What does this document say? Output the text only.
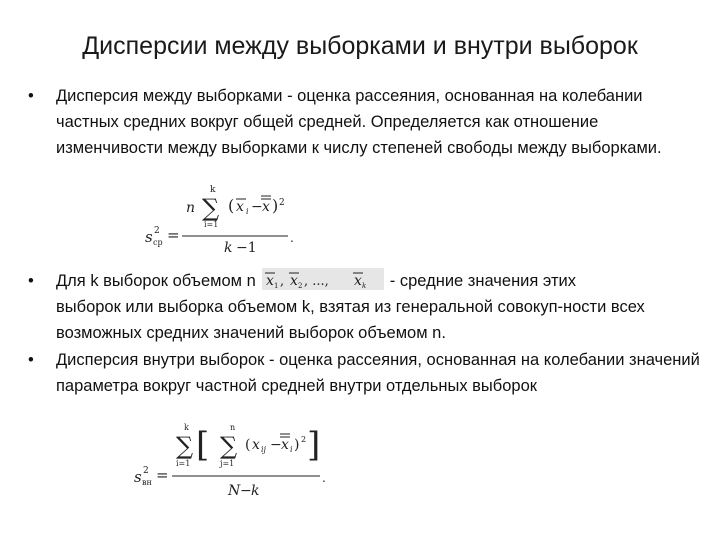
Дисперсии между выборками и внутри выборок
• Дисперсия между выборками - оценка рассеяния, основанная на колебании частных средних вокруг общей средней. Определяется как отношение изменчивости между выборками к числу степеней свободы между выборками.
k
n ∑
i=1
( x i − x ) 2
s 2
ср =
k −1
.
• Для k выборок объемом n x 1 , x 2 , ..., x k - средние значения этих
выборок или выборка объемом k, взятая из генеральной совокуп-ности всех возможных средних значений выборок объемом n.
• Дисперсия внутри выборок - оценка рассеяния, основанная на колебании значений параметра вокруг частной средней внутри отдельных выборок
k
∑
i=1 [	n
∑
j=1
( x ij − x i ) 2 ]
s 2
вн =
N − k
.
